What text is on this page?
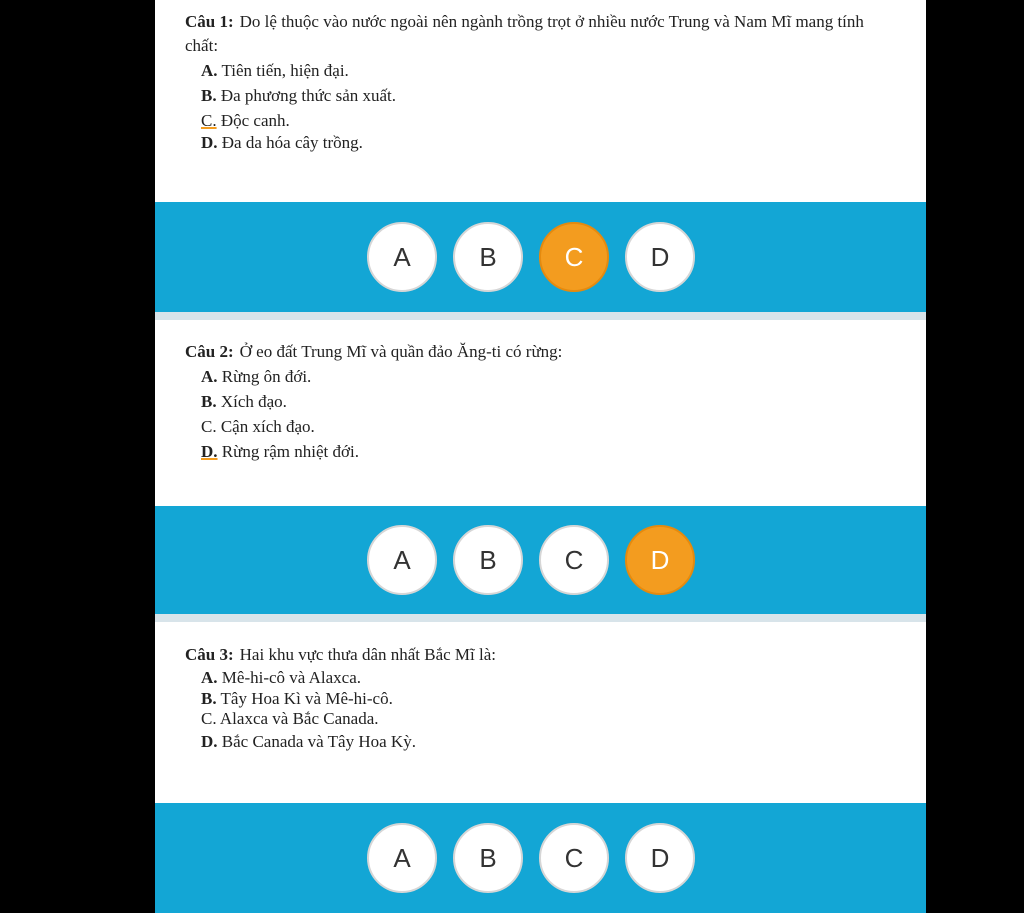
Câu 1: Do lệ thuộc vào nước ngoài nên ngành trồng trọt ở nhiều nước Trung và Nam Mĩ mang tính chất:
A. Tiên tiến, hiện đại.
B. Đa phương thức sản xuất.
C. Độc canh.
D. Đa da hóa cây trồng.
A	B	C	D
Câu 2: Ở eo đất Trung Mĩ và quần đảo Ăng-ti có rừng:
A. Rừng ôn đới.
B. Xích đạo.
C. Cận xích đạo.
D. Rừng rậm nhiệt đới.
A	B	C	D
Câu 3: Hai khu vực thưa dân nhất Bắc Mĩ là:
A. Mê-hi-cô và Alaxca.
B. Tây Hoa Kì và Mê-hi-cô.
C. Alaxca và Bắc Canada.
D. Bắc Canada và Tây Hoa Kỳ.
A	B	C	D
